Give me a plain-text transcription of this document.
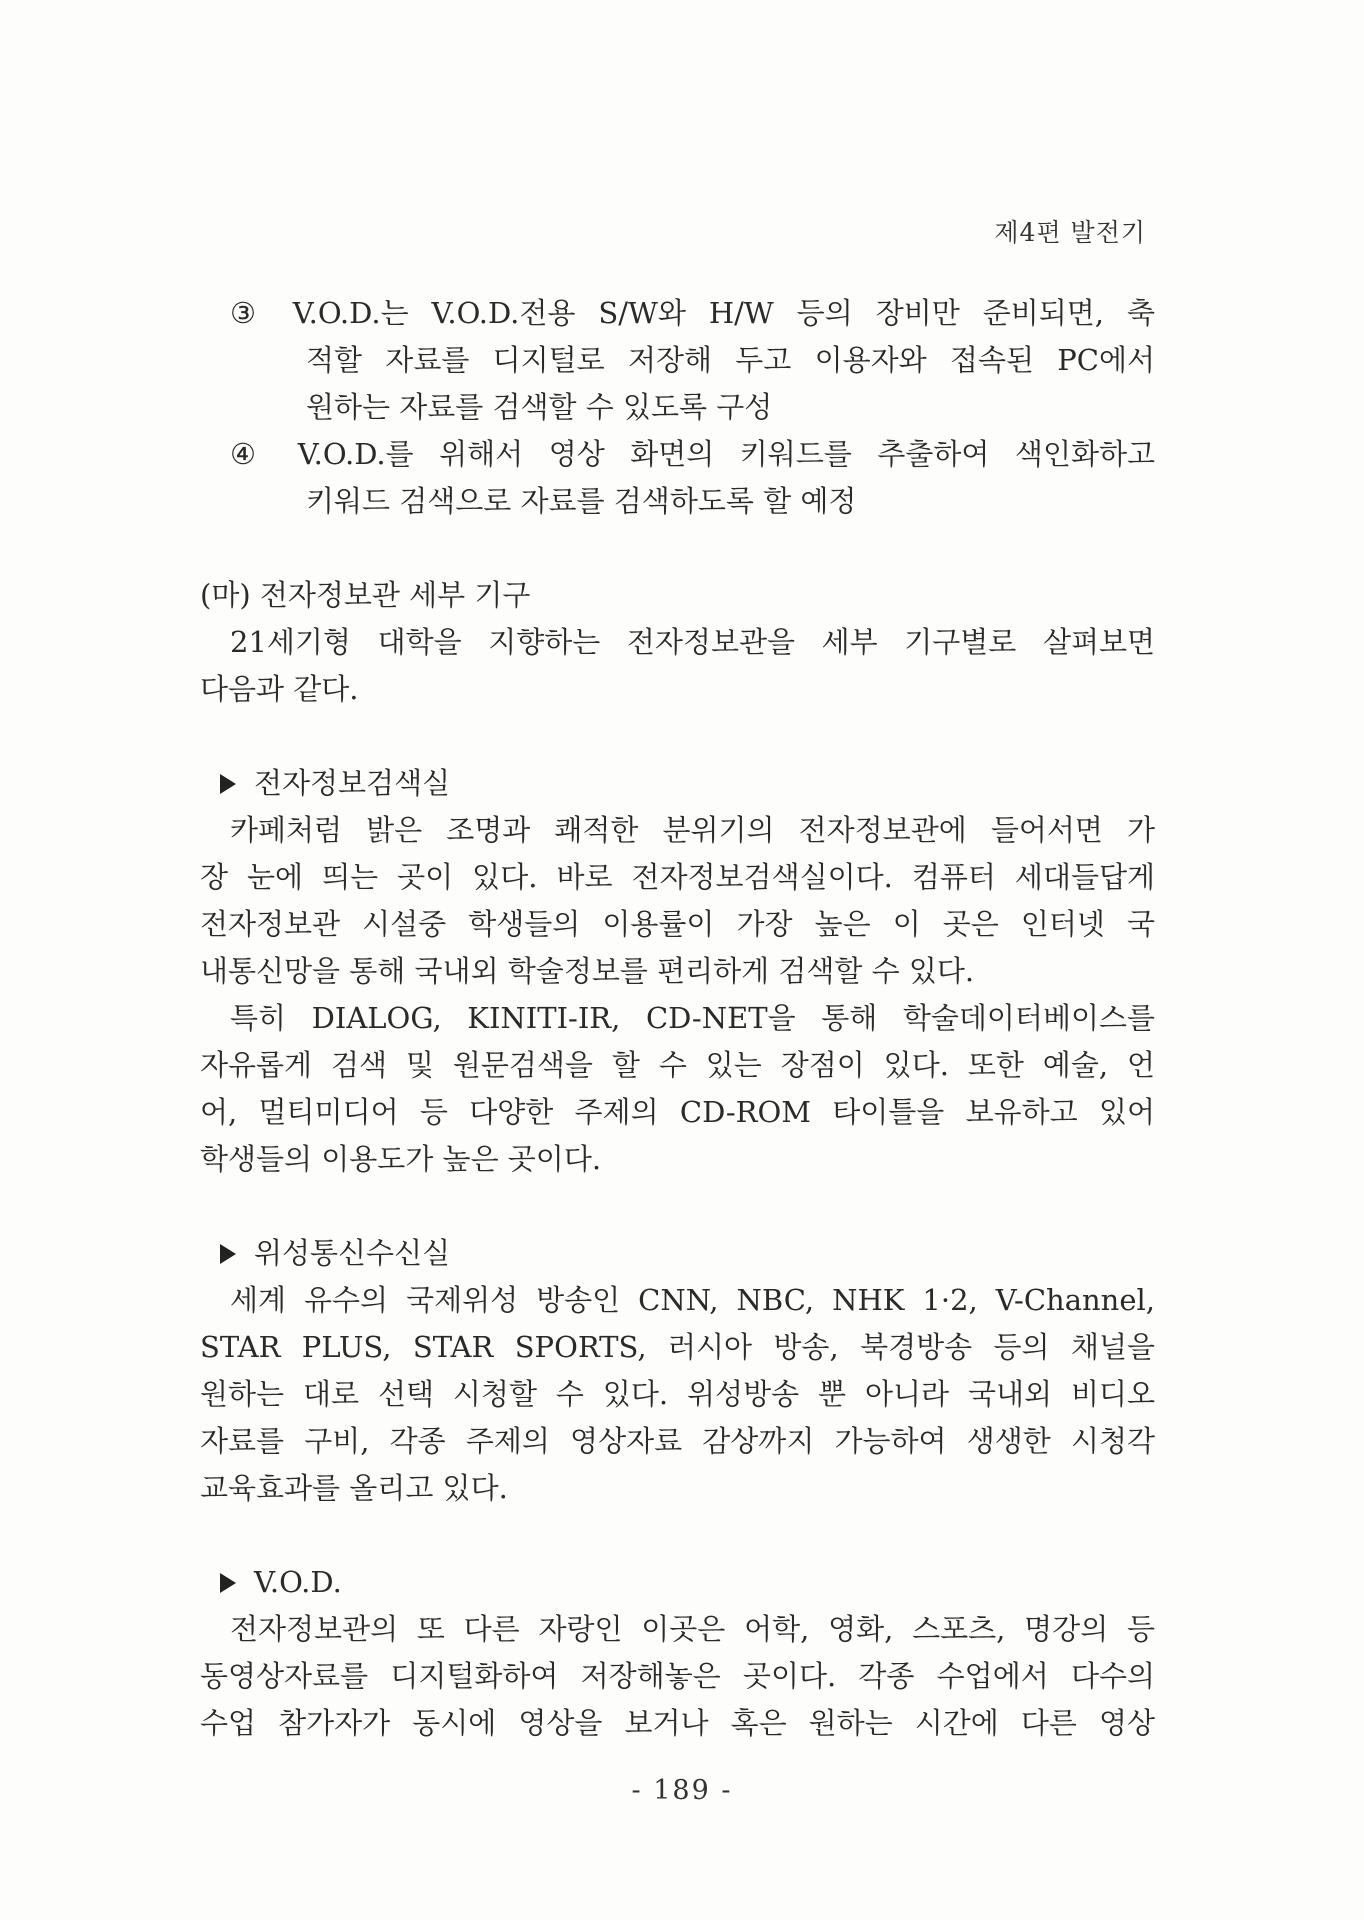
제4편 발전기
③ V.O.D.는 V.O.D.전용 S/W와 H/W 등의 장비만 준비되면, 축
적할 자료를 디지털로 저장해 두고 이용자와 접속된 PC에서
원하는 자료를 검색할 수 있도록 구성
④ V.O.D.를 위해서 영상 화면의 키워드를 추출하여 색인화하고
키워드 검색으로 자료를 검색하도록 할 예정
(마) 전자정보관 세부 기구
21세기형 대학을 지향하는 전자정보관을 세부 기구별로 살펴보면
다음과 같다.
전자정보검색실
카페처럼 밝은 조명과 쾌적한 분위기의 전자정보관에 들어서면 가
장 눈에 띄는 곳이 있다. 바로 전자정보검색실이다. 컴퓨터 세대들답게
전자정보관 시설중 학생들의 이용률이 가장 높은 이 곳은 인터넷 국
내통신망을 통해 국내외 학술정보를 편리하게 검색할 수 있다.
특히 DIALOG, KINITI-IR, CD-NET을 통해 학술데이터베이스를
자유롭게 검색 및 원문검색을 할 수 있는 장점이 있다. 또한 예술, 언
어, 멀티미디어 등 다양한 주제의 CD-ROM 타이틀을 보유하고 있어
학생들의 이용도가 높은 곳이다.
위성통신수신실
세계 유수의 국제위성 방송인 CNN, NBC, NHK 1·2, V-Channel,
STAR PLUS, STAR SPORTS, 러시아 방송, 북경방송 등의 채널을
원하는 대로 선택 시청할 수 있다. 위성방송 뿐 아니라 국내외 비디오
자료를 구비, 각종 주제의 영상자료 감상까지 가능하여 생생한 시청각
교육효과를 올리고 있다.
V.O.D.
전자정보관의 또 다른 자랑인 이곳은 어학, 영화, 스포츠, 명강의 등
동영상자료를 디지털화하여 저장해놓은 곳이다. 각종 수업에서 다수의
수업 참가자가 동시에 영상을 보거나 혹은 원하는 시간에 다른 영상
- 189 -
